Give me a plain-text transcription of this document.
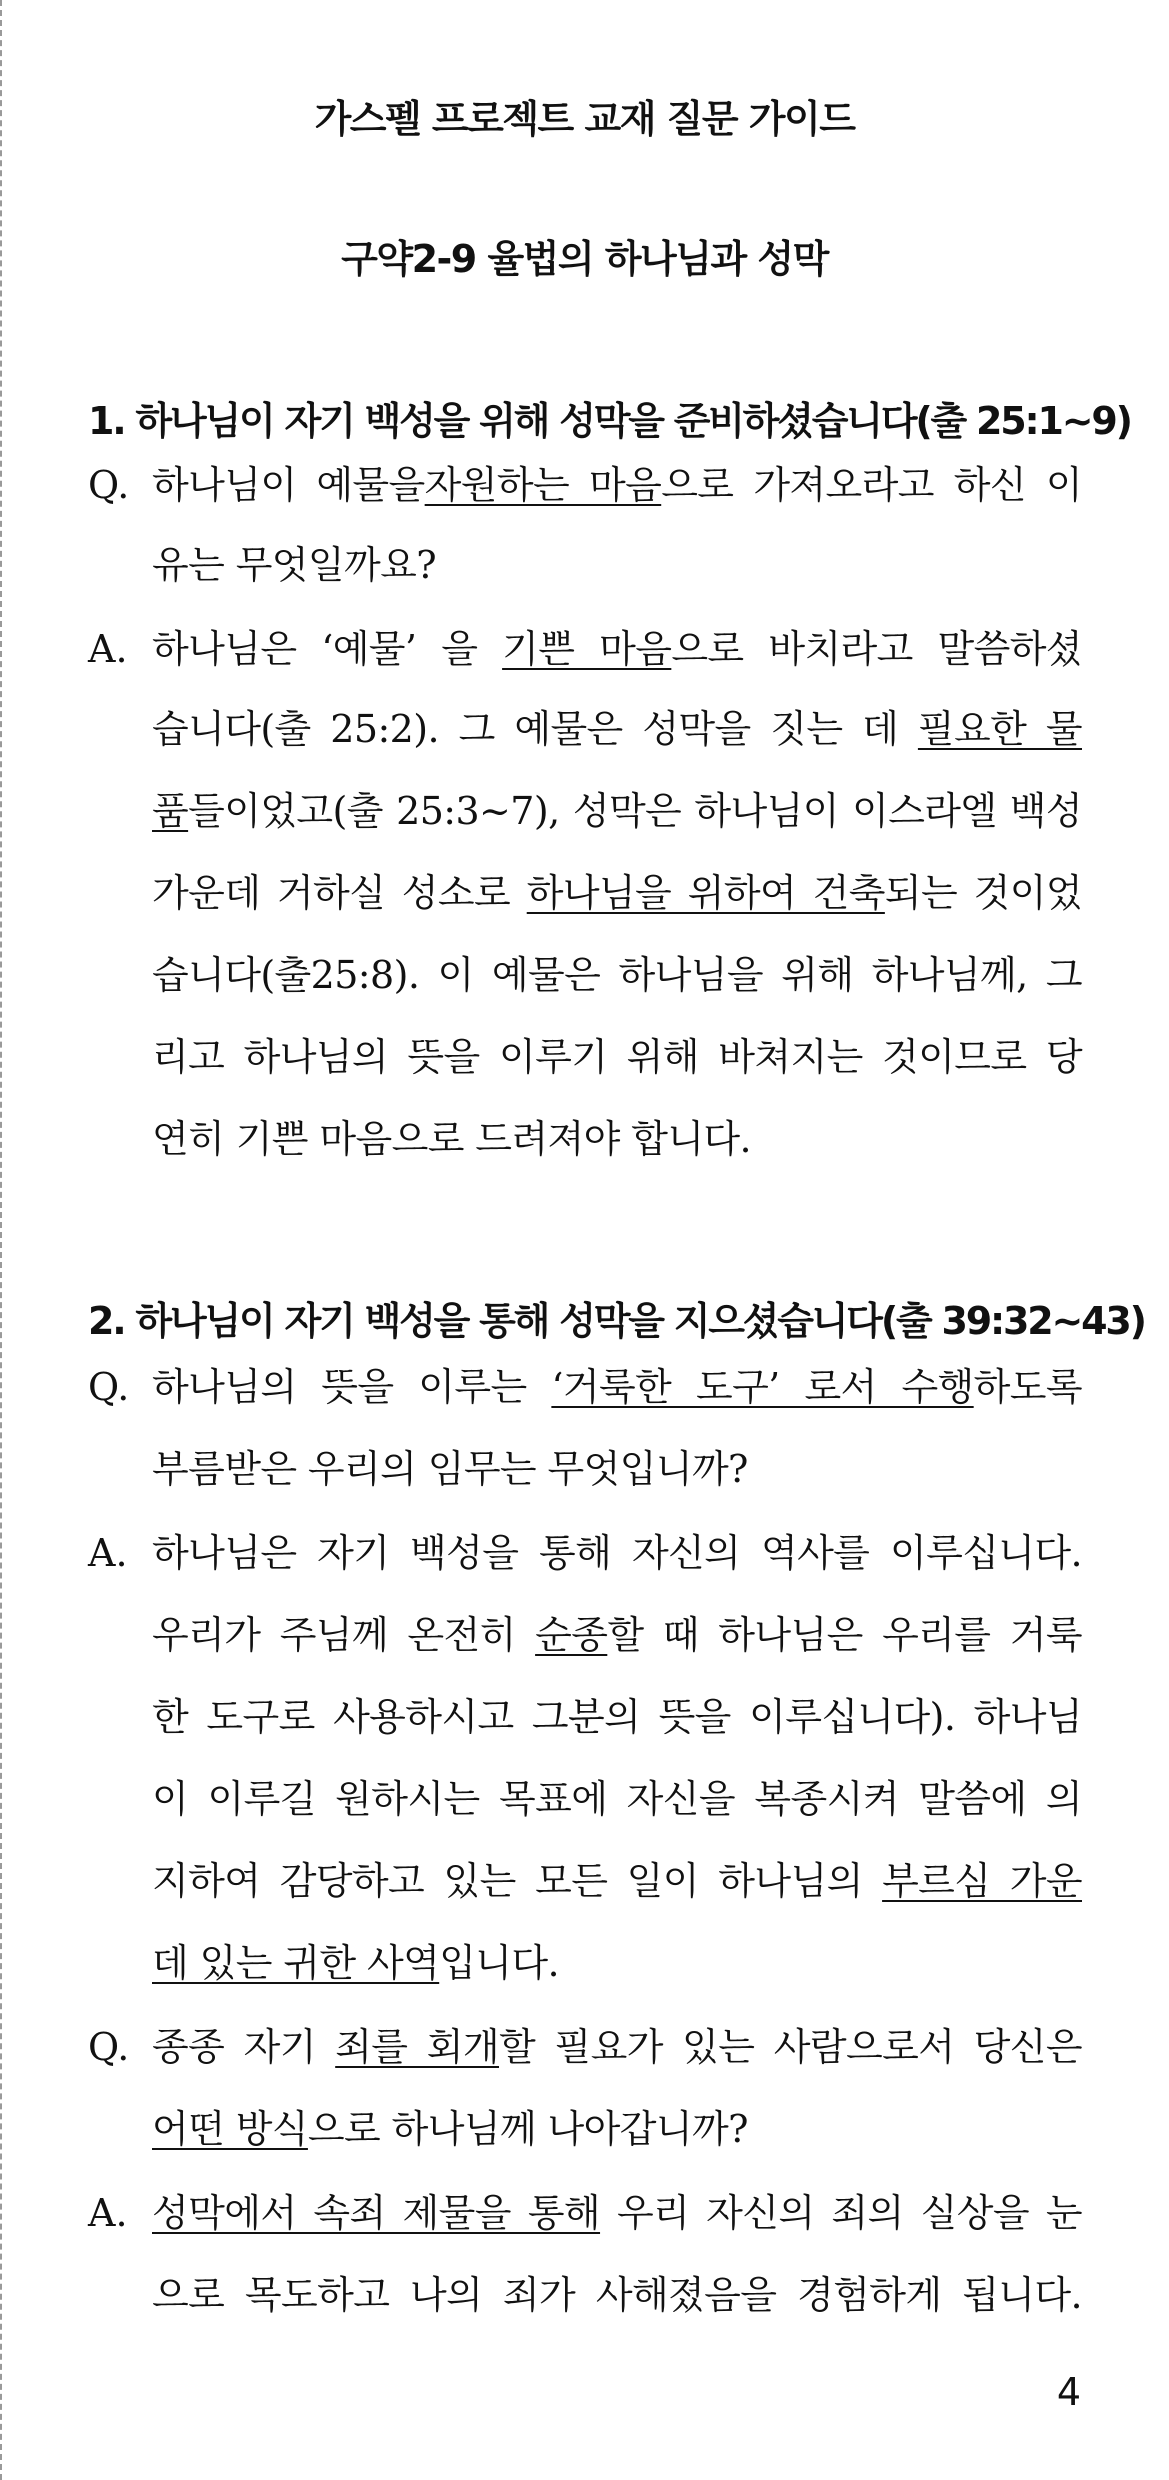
가스펠 프로젝트 교재 질문 가이드
구약2-9 율법의 하나님과 성막
1. 하나님이 자기 백성을 위해 성막을 준비하셨습니다(출 25:1~9)
Q. 하나님이 예물을자원하는 마음으로 가져오라고 하신 이
유는 무엇일까요?
A. 하나님은 ‘예물’ 을 기쁜 마음으로 바치라고 말씀하셨
습니다(출 25:2). 그 예물은 성막을 짓는 데 필요한 물
품들이었고(출 25:3~7), 성막은 하나님이 이스라엘 백성
가운데 거하실 성소로 하나님을 위하여 건축되는 것이었
습니다(출25:8). 이 예물은 하나님을 위해 하나님께, 그
리고 하나님의 뜻을 이루기 위해 바쳐지는 것이므로 당
연히 기쁜 마음으로 드려져야 합니다.
2. 하나님이 자기 백성을 통해 성막을 지으셨습니다(출 39:32~43)
Q. 하나님의 뜻을 이루는 ‘거룩한 도구’ 로서 수행하도록
부름받은 우리의 임무는 무엇입니까?
A. 하나님은 자기 백성을 통해 자신의 역사를 이루십니다.
우리가 주님께 온전히 순종할 때 하나님은 우리를 거룩
한 도구로 사용하시고 그분의 뜻을 이루십니다). 하나님
이 이루길 원하시는 목표에 자신을 복종시켜 말씀에 의
지하여 감당하고 있는 모든 일이 하나님의 부르심 가운
데 있는 귀한 사역입니다.
Q. 종종 자기 죄를 회개할 필요가 있는 사람으로서 당신은
어떤 방식으로 하나님께 나아갑니까?
A. 성막에서 속죄 제물을 통해 우리 자신의 죄의 실상을 눈
으로 목도하고 나의 죄가 사해졌음을 경험하게 됩니다.
4
